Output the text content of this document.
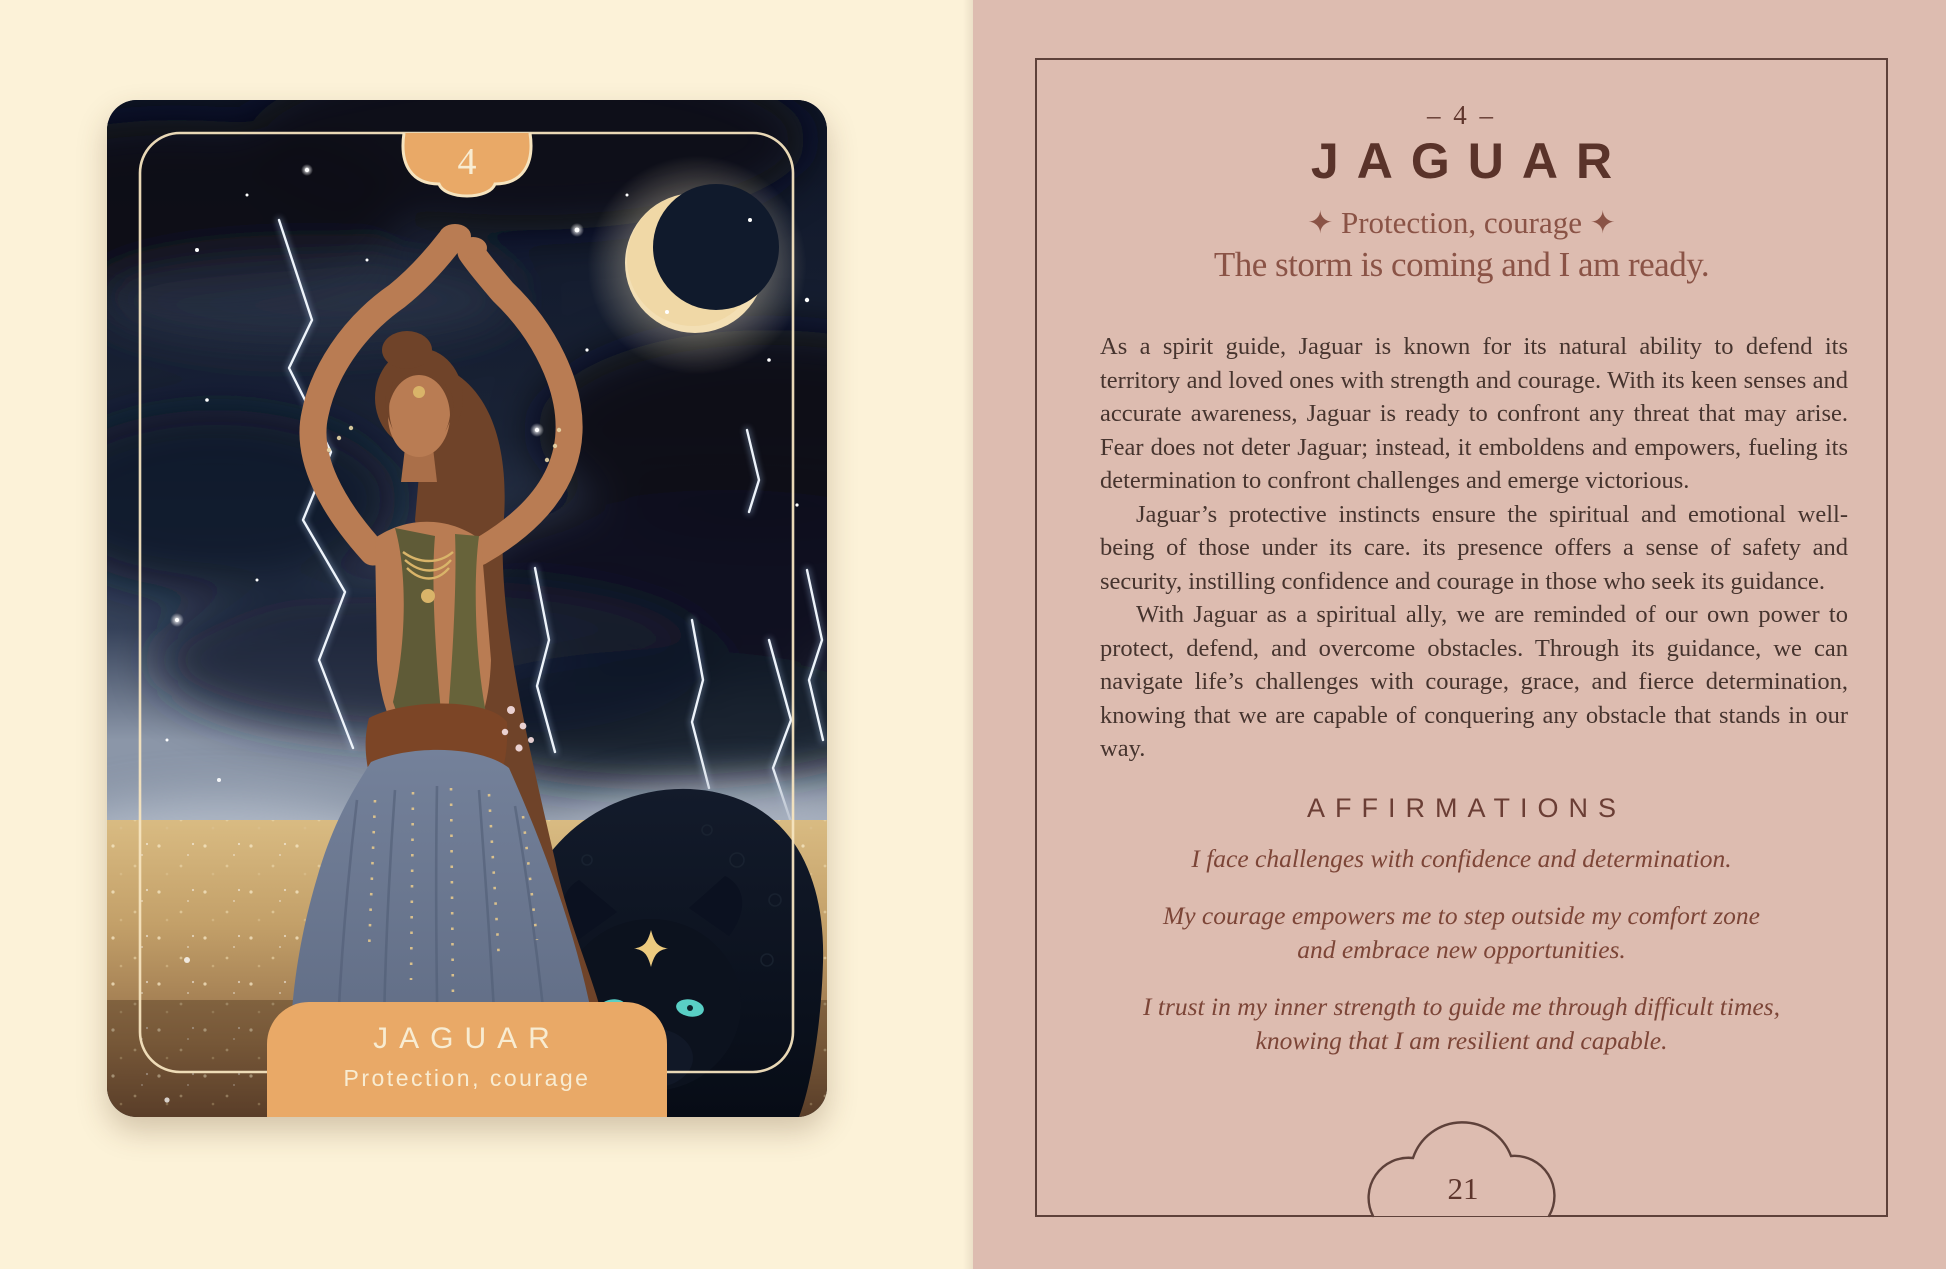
4
JAGUAR
Protection, courage
– 4 –
JAGUAR
✦ Protection, courage ✦
The storm is coming and I am ready.

As a spirit guide, Jaguar is known for its natural ability to defend its territory and loved ones with strength and courage. With its keen senses and accurate awareness, Jaguar is ready to confront any threat that may arise. Fear does not deter Jaguar; instead, it emboldens and empowers, fueling its determination to confront challenges and emerge victorious.

Jaguar’s protective instincts ensure the spiritual and emotional well-being of those under its care. its presence offers a sense of safety and security, instilling confidence and courage in those who seek its guidance.

With Jaguar as a spiritual ally, we are reminded of our own power to protect, defend, and overcome obstacles. Through its guidance, we can navigate life’s challenges with courage, grace, and fierce determination, knowing that we are capable of conquering any obstacle that stands in our way.

AFFIRMATIONS
I face challenges with confidence and determination.
My courage empowers me to step outside my comfort zone
and embrace new opportunities.
I trust in my inner strength to guide me through difficult times,
knowing that I am resilient and capable.
21
